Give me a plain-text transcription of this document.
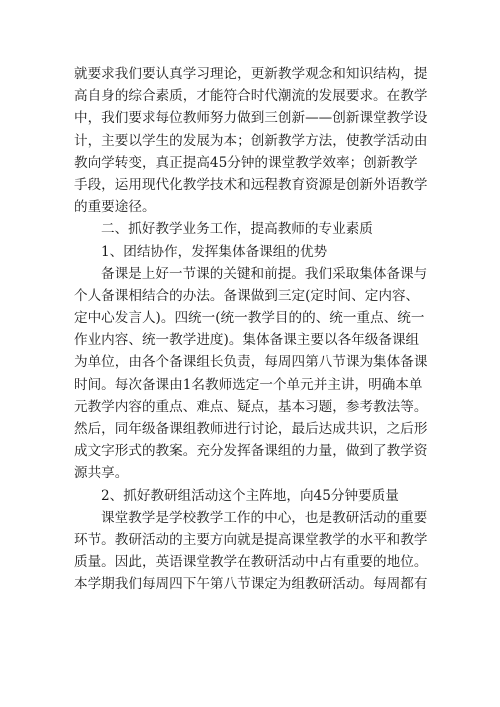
就要求我们要认真学习理论，更新教学观念和知识结构，提
高自身的综合素质，才能符合时代潮流的发展要求。在教学
中，我们要求每位教师努力做到三创新——创新课堂教学设
计，主要以学生的发展为本；创新教学方法，使教学活动由
教向学转变，真正提高45分钟的课堂教学效率；创新教学
手段，运用现代化教学技术和远程教育资源是创新外语教学
的重要途径。
二、抓好教学业务工作，提高教师的专业素质
1、团结协作，发挥集体备课组的优势
备课是上好一节课的关键和前提。我们采取集体备课与
个人备课相结合的办法。备课做到三定(定时间、定内容、
定中心发言人)。四统一(统一教学目的的、统一重点、统一
作业内容、统一教学进度)。集体备课主要以各年级备课组
为单位，由各个备课组长负责，每周四第八节课为集体备课
时间。每次备课由1名教师选定一个单元并主讲，明确本单
元教学内容的重点、难点、疑点，基本习题，参考教法等。
然后，同年级备课组教师进行讨论，最后达成共识，之后形
成文字形式的教案。充分发挥备课组的力量，做到了教学资
源共享。
2、抓好教研组活动这个主阵地，向45分钟要质量
课堂教学是学校教学工作的中心，也是教研活动的重要
环节。教研活动的主要方向就是提高课堂教学的水平和教学
质量。因此，英语课堂教学在教研活动中占有重要的地位。
本学期我们每周四下午第八节课定为组教研活动。每周都有
